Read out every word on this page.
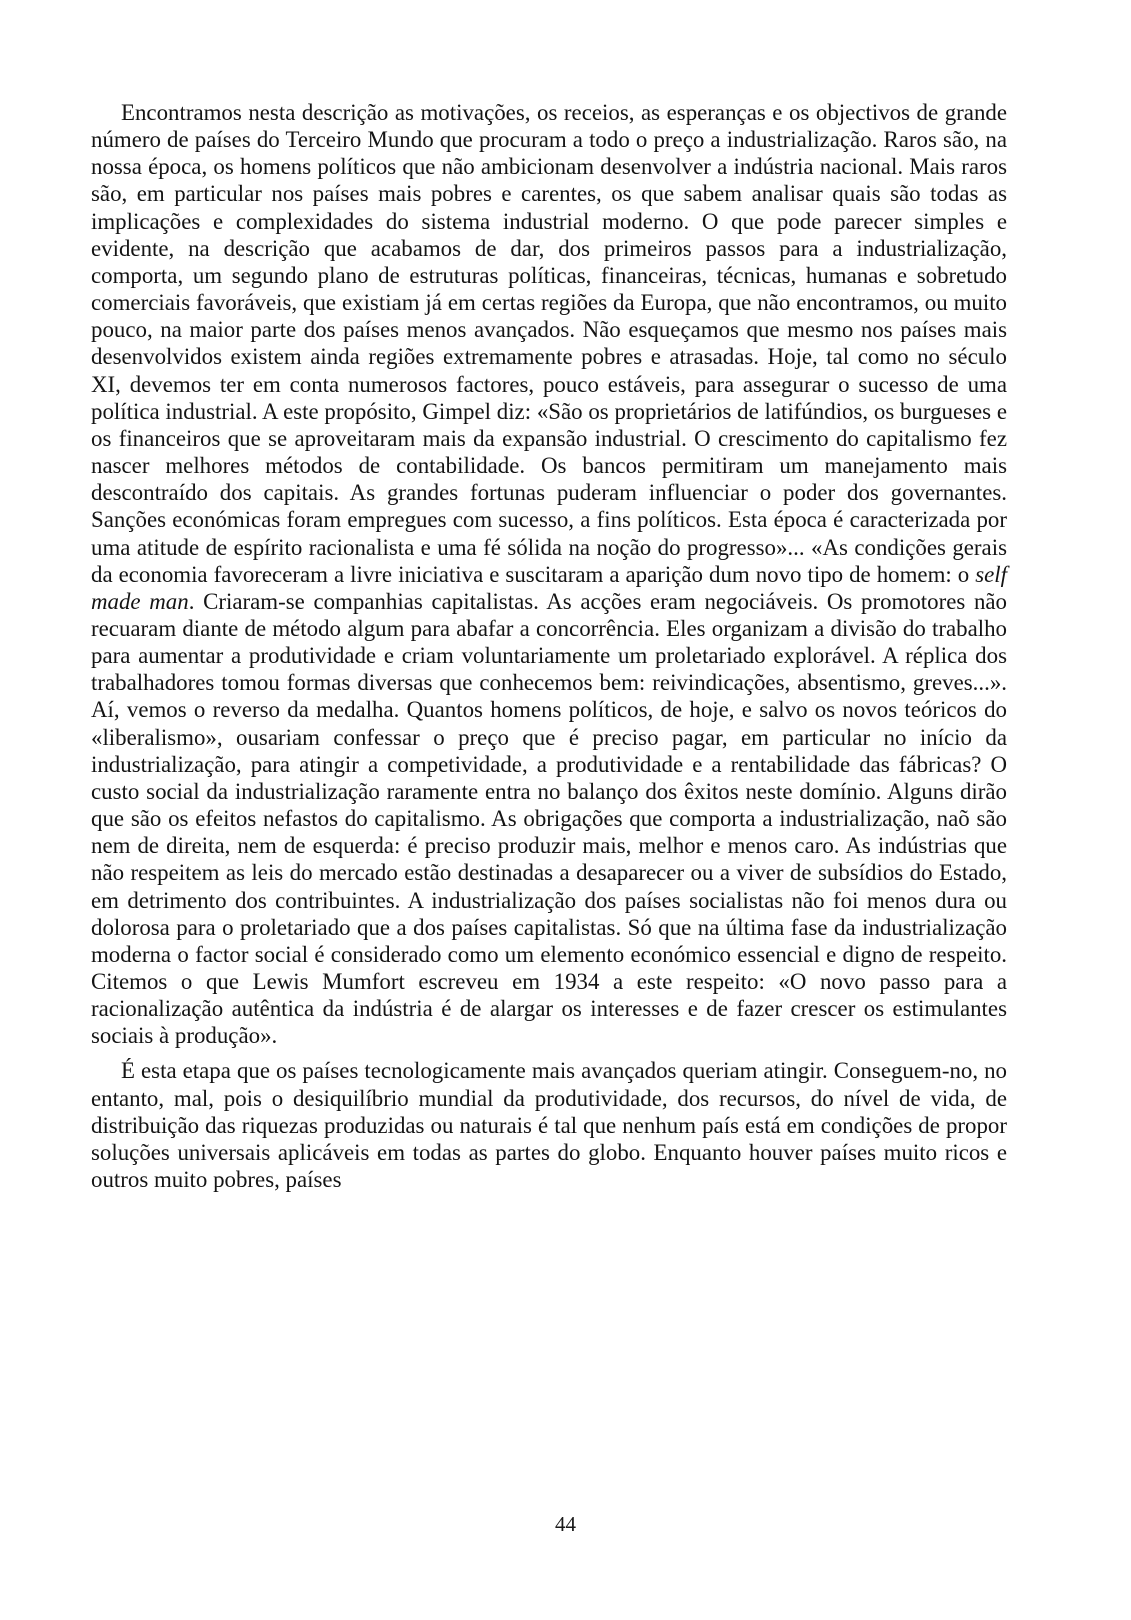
Encontramos nesta descrição as motivações, os receios, as esperanças e os objectivos de grande número de países do Terceiro Mundo que procuram a todo o preço a industrialização. Raros são, na nossa época, os homens políticos que não ambicionam desenvolver a indústria nacional. Mais raros são, em particular nos países mais pobres e carentes, os que sabem analisar quais são todas as implicações e complexidades do sistema industrial moderno. O que pode parecer simples e evidente, na descrição que acabamos de dar, dos primeiros passos para a industrialização, comporta, um segundo plano de estruturas políticas, financeiras, técnicas, humanas e sobretudo comerciais favoráveis, que existiam já em certas regiões da Europa, que não encontramos, ou muito pouco, na maior parte dos países menos avançados. Não esqueçamos que mesmo nos países mais desenvolvidos existem ainda regiões extremamente pobres e atrasadas. Hoje, tal como no século XI, devemos ter em conta numerosos factores, pouco estáveis, para assegurar o sucesso de uma política industrial. A este propósito, Gimpel diz: «São os proprietários de latifúndios, os burgueses e os financeiros que se aproveitaram mais da expansão industrial. O crescimento do capitalismo fez nascer melhores métodos de contabilidade. Os bancos permitiram um manejamento mais descontraído dos capitais. As grandes fortunas puderam influenciar o poder dos governantes. Sanções económicas foram empregues com sucesso, a fins políticos. Esta época é caracterizada por uma atitude de espírito racionalista e uma fé sólida na noção do progresso»... «As condições gerais da economia favoreceram a livre iniciativa e suscitaram a aparição dum novo tipo de homem: o self made man. Criaram-se companhias capitalistas. As acções eram negociáveis. Os promotores não recuaram diante de método algum para abafar a concorrência. Eles organizam a divisão do trabalho para aumentar a produtividade e criam voluntariamente um proletariado explorável. A réplica dos trabalhadores tomou formas diversas que conhecemos bem: reivindicações, absentismo, greves...». Aí, vemos o reverso da medalha. Quantos homens políticos, de hoje, e salvo os novos teóricos do «liberalismo», ousariam confessar o preço que é preciso pagar, em particular no início da industrialização, para atingir a competividade, a produtividade e a rentabilidade das fábricas? O custo social da industrialização raramente entra no balanço dos êxitos neste domínio. Alguns dirão que são os efeitos nefastos do capitalismo. As obrigações que comporta a industrialização, naõ são nem de direita, nem de esquerda: é preciso produzir mais, melhor e menos caro. As indústrias que não respeitem as leis do mercado estão destinadas a desaparecer ou a viver de subsídios do Estado, em detrimento dos contribuintes. A industrialização dos países socialistas não foi menos dura ou dolorosa para o proletariado que a dos países capitalistas. Só que na última fase da industrialização moderna o factor social é considerado como um elemento económico essencial e digno de respeito. Citemos o que Lewis Mumfort escreveu em 1934 a este respeito: «O novo passo para a racionalização autêntica da indústria é de alargar os interesses e de fazer crescer os estimulantes sociais à produção».

É esta etapa que os países tecnologicamente mais avançados queriam atingir. Conseguem-no, no entanto, mal, pois o desiquilíbrio mundial da produtividade, dos recursos, do nível de vida, de distribuição das riquezas produzidas ou naturais é tal que nenhum país está em condições de propor soluções universais aplicáveis em todas as partes do globo. Enquanto houver países muito ricos e outros muito pobres, países

44
